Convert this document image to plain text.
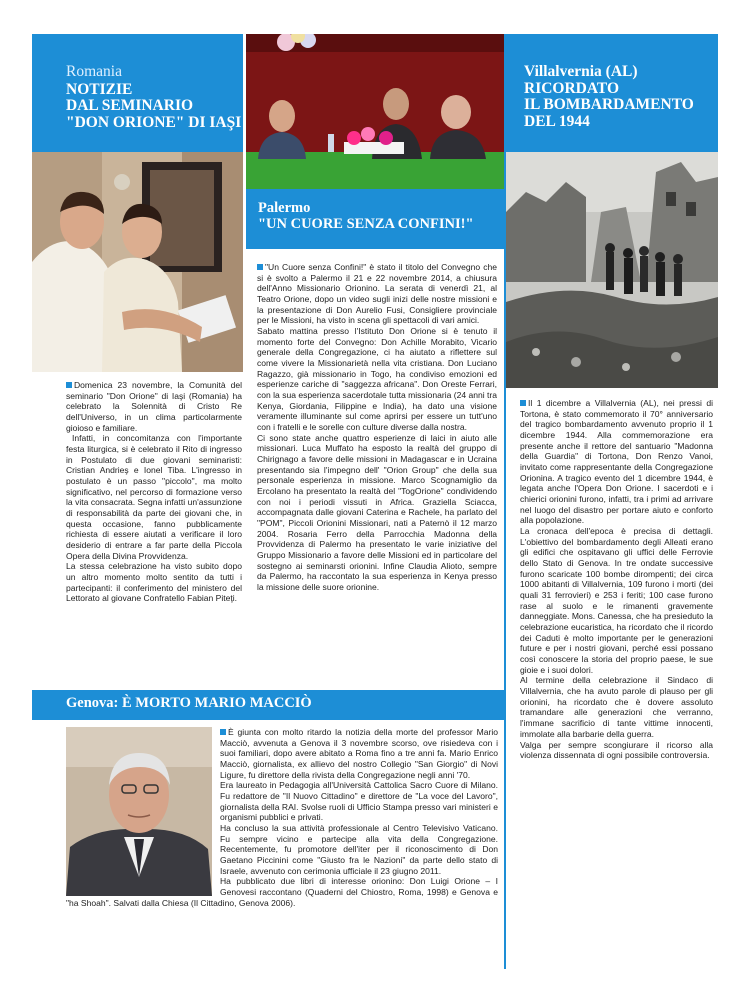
Romania
NOTIZIE
DAL SEMINARIO
"DON ORIONE" DI IAŞI

Domenica 23 novembre, la Comunità del seminario "Don Orione" di Iaşi (Romania) ha celebrato la Solennità di Cristo Re dell'Universo, in un clima particolarmente gioioso e familiare.

Infatti, in concomitanza con l'importante festa liturgica, si è celebrato il Rito di ingresso in Postulato di due giovani seminaristi: Cristian Andrieş e Ionel Tiba. L'ingresso in postulato è un passo "piccolo", ma molto significativo, nel percorso di formazione verso la vita consacrata. Segna infatti un'assunzione di responsabilità da parte dei giovani che, in questa occasione, fanno pubblicamente richiesta di essere aiutati a verificare il loro desiderio di entrare a far parte della Piccola Opera della Divina Provvidenza.

La stessa celebrazione ha visto subito dopo un altro momento molto sentito da tutti i partecipanti: il conferimento del ministero del Lettorato al giovane Confratello Fabian Piteţi.

Palermo
"UN CUORE SENZA CONFINI!"

"Un Cuore senza Confini!" è stato il titolo del Convegno che si è svolto a Palermo il 21 e 22 novembre 2014, a chiusura dell'Anno Missionario Orionino. La serata di venerdì 21, al Teatro Orione, dopo un video sugli inizi delle nostre missioni e la presentazione di Don Aurelio Fusi, Consigliere provinciale per le Missioni, ha visto in scena gli spettacoli di vari amici.

Sabato mattina presso l'Istituto Don Orione si è tenuto il momento forte del Convegno: Don Achille Morabito, Vicario generale della Congregazione, ci ha aiutato a riflettere sul come vivere la Missionarietà nella vita cristiana. Don Luciano Ragazzo, già missionario in Togo, ha condiviso emozioni ed esperienze cariche di "saggezza africana". Don Oreste Ferrari, con la sua esperienza sacerdotale tutta missionaria (24 anni tra Kenya, Giordania, Filippine e India), ha dato una visione veramente illuminante sul come aprirsi per essere un tutt'uno con i fratelli e le sorelle con culture diverse dalla nostra.

Ci sono state anche quattro esperienze di laici in aiuto alle missionari. Luca Muffato ha esposto la realtà del gruppo di Chirignago a favore delle missioni in Madagascar e in Ucraina presentando sia l'impegno dell' "Orion Group" che della sua personale esperienza in missione. Marco Scognamiglio da Ercolano ha presentato la realtà del "TogOrione" condividendo con noi i periodi vissuti in Africa. Graziella Sciacca, accompagnata dalle giovani Caterina e Rachele, ha parlato del "POM", Piccoli Orionini Missionari, nati a Paternò il 12 marzo 2004. Rosaria Ferro della Parrocchia Madonna della Provvidenza di Palermo ha presentato le varie iniziative del Gruppo Missionario a favore delle Missioni ed in particolare del sostegno ai seminarsti orionini. Infine Claudia Alioto, sempre da Palermo, ha raccontato la sua esperienza in Kenya presso la missione delle suore orionine.

Villalvernia (AL)
RICORDATO
IL BOMBARDAMENTO
DEL 1944

Il 1 dicembre a Villalvernia (AL), nei pressi di Tortona, è stato commemorato il 70° anniversario del tragico bombardamento avvenuto proprio il 1 dicembre 1944. Alla commemorazione era presente anche il rettore del santuario "Madonna della Guardia" di Tortona, Don Renzo Vanoi, invitato come rappresentante della Congregazione Orionina. A tragico evento del 1 dicembre 1944, è legata anche l'Opera Don Orione. I sacerdoti e i chierici orionini furono, infatti, tra i primi ad arrivare nel luogo del disastro per portare aiuto e conforto alla popolazione.

La cronaca dell'epoca è precisa di dettagli. L'obiettivo del bombardamento degli Alleati erano gli edifici che ospitavano gli uffici delle Ferrovie dello Stato di Genova. In tre ondate successive furono scaricate 100 bombe dirompenti; dei circa 1000 abitanti di Villalvernia, 109 furono i morti (dei quali 31 ferrovieri) e 253 i feriti; 100 case furono rase al suolo e le rimanenti gravemente danneggiate. Mons. Canessa, che ha presieduto la celebrazione eucaristica, ha ricordato che il ricordo dei Caduti è molto importante per le generazioni future e per i nostri giovani, perché essi possano così conoscere la storia del proprio paese, le sue gioie e i suoi dolori.

Al termine della celebrazione il Sindaco di Villalvernia, che ha avuto parole di plauso per gli orionini, ha ricordato che è dovere assoluto tramandare alle generazioni che verranno, l'immane sacrificio di tante vittime innocenti, immolate alla barbarie della guerra.

Valga per sempre scongiurare il ricorso alla violenza dissennata di ogni possibile controversia.

Genova: È MORTO MARIO MACCIÒ

È giunta con molto ritardo la notizia della morte del professor Mario Macciò, avvenuta a Genova il 3 novembre scorso, ove risiedeva con i suoi familiari, dopo avere abitato a Roma fino a tre anni fa. Mario Enrico Macciò, giornalista, ex allievo del nostro Collegio "San Giorgio" di Novi Ligure, fu direttore della rivista della Congregazione negli anni '70.

Era laureato in Pedagogia all'Università Cattolica Sacro Cuore di Milano. Fu redattore de "Il Nuovo Cittadino" e direttore de "La voce del Lavoro", giornalista della RAI. Svolse ruoli di Ufficio Stampa presso vari ministeri e organismi pubblici e privati.

Ha concluso la sua attività professionale al Centro Televisivo Vaticano. Fu sempre vicino e partecipe alla vita della Congregazione. Recentemente, fu promotore dell'iter per il riconoscimento di Don Gaetano Piccinini come "Giusto fra le Nazioni" da parte dello stato di Israele, avvenuto con cerimonia ufficiale il 23 giugno 2011.

Ha pubblicato due libri di interesse orionino: Don Luigi Orione – I Genovesi raccontano (Quaderni del Chiostro, Roma, 1998) e Genova e "ha Shoah". Salvati dalla Chiesa (Il Cittadino, Genova 2006).
